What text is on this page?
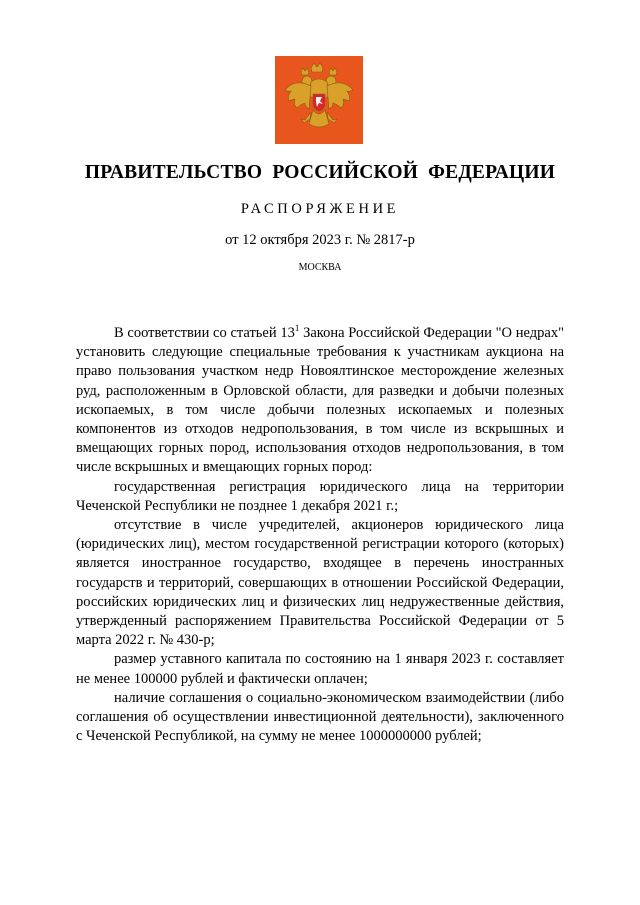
ПРАВИТЕЛЬСТВО РОССИЙСКОЙ ФЕДЕРАЦИИ
РАСПОРЯЖЕНИЕ
от 12 октября 2023 г. № 2817-р
МОСКВА

В соответствии со статьей $13^1$ Закона Российской Федерации "О недрах" установить следующие специальные требования к участникам аукциона на право пользования участком недр Новоялтинское месторождение железных руд, расположенным в Орловской области, для разведки и добычи полезных ископаемых, в том числе добычи полезных ископаемых и полезных компонентов из отходов недропользования, в том числе из вскрышных и вмещающих горных пород, использования отходов недропользования, в том числе вскрышных и вмещающих горных пород:

государственная регистрация юридического лица на территории Чеченской Республики не позднее 1 декабря 2021 г.;

отсутствие в числе учредителей, акционеров юридического лица (юридических лиц), местом государственной регистрации которого (которых) является иностранное государство, входящее в перечень иностранных государств и территорий, совершающих в отношении Российской Федерации, российских юридических лиц и физических лиц недружественные действия, утвержденный распоряжением Правительства Российской Федерации от 5 марта 2022 г. № 430-р;

размер уставного капитала по состоянию на 1 января 2023 г. составляет не менее 100000 рублей и фактически оплачен;

наличие соглашения о социально-экономическом взаимодействии (либо соглашения об осуществлении инвестиционной деятельности), заключенного с Чеченской Республикой, на сумму не менее 1000000000 рублей;
